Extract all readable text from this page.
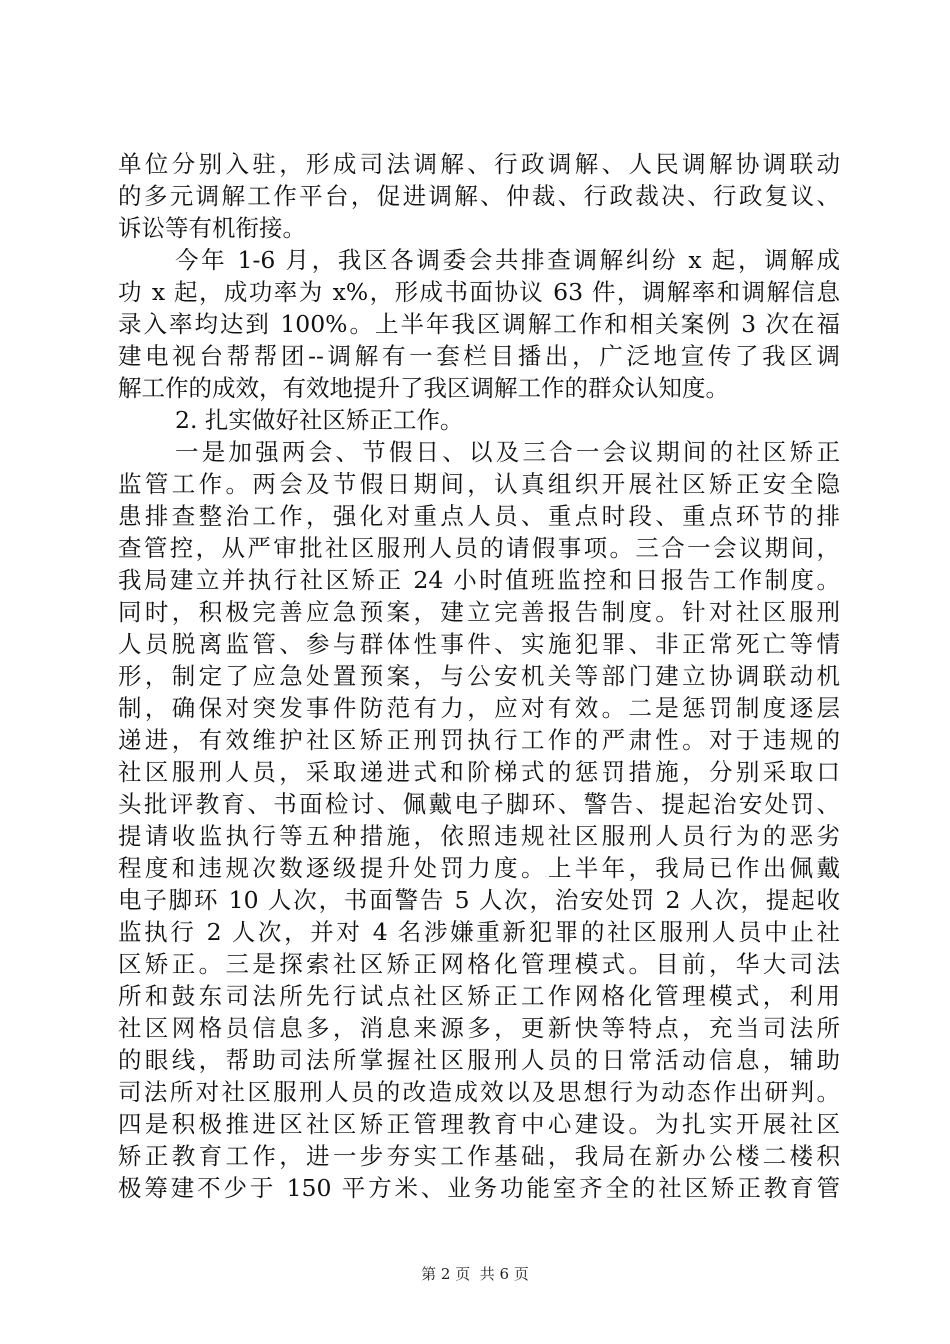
单位分别入驻，形成司法调解、行政调解、人民调解协调联动
的多元调解工作平台，促进调解、仲裁、行政裁决、行政复议、
诉讼等有机衔接。
今年 1-6 月，我区各调委会共排查调解纠纷 x 起，调解成
功 x 起，成功率为 x%，形成书面协议 63 件，调解率和调解信息
录入率均达到 100%。上半年我区调解工作和相关案例 3 次在福
建电视台帮帮团--调解有一套栏目播出，广泛地宣传了我区调
解工作的成效，有效地提升了我区调解工作的群众认知度。
2. 扎实做好社区矫正工作。
一是加强两会、节假日、以及三合一会议期间的社区矫正
监管工作。两会及节假日期间，认真组织开展社区矫正安全隐
患排查整治工作，强化对重点人员、重点时段、重点环节的排
查管控，从严审批社区服刑人员的请假事项。三合一会议期间，
我局建立并执行社区矫正 24 小时值班监控和日报告工作制度。
同时，积极完善应急预案，建立完善报告制度。针对社区服刑
人员脱离监管、参与群体性事件、实施犯罪、非正常死亡等情
形，制定了应急处置预案，与公安机关等部门建立协调联动机
制，确保对突发事件防范有力，应对有效。二是惩罚制度逐层
递进，有效维护社区矫正刑罚执行工作的严肃性。对于违规的
社区服刑人员，采取递进式和阶梯式的惩罚措施，分别采取口
头批评教育、书面检讨、佩戴电子脚环、警告、提起治安处罚、
提请收监执行等五种措施，依照违规社区服刑人员行为的恶劣
程度和违规次数逐级提升处罚力度。上半年，我局已作出佩戴
电子脚环 10 人次，书面警告 5 人次，治安处罚 2 人次，提起收
监执行 2 人次，并对 4 名涉嫌重新犯罪的社区服刑人员中止社
区矫正。三是探索社区矫正网格化管理模式。目前，华大司法
所和鼓东司法所先行试点社区矫正工作网格化管理模式，利用
社区网格员信息多，消息来源多，更新快等特点，充当司法所
的眼线，帮助司法所掌握社区服刑人员的日常活动信息，辅助
司法所对社区服刑人员的改造成效以及思想行为动态作出研判。
四是积极推进区社区矫正管理教育中心建设。为扎实开展社区
矫正教育工作，进一步夯实工作基础，我局在新办公楼二楼积
极筹建不少于 150 平方米、业务功能室齐全的社区矫正教育管
第 2 页  共 6 页
